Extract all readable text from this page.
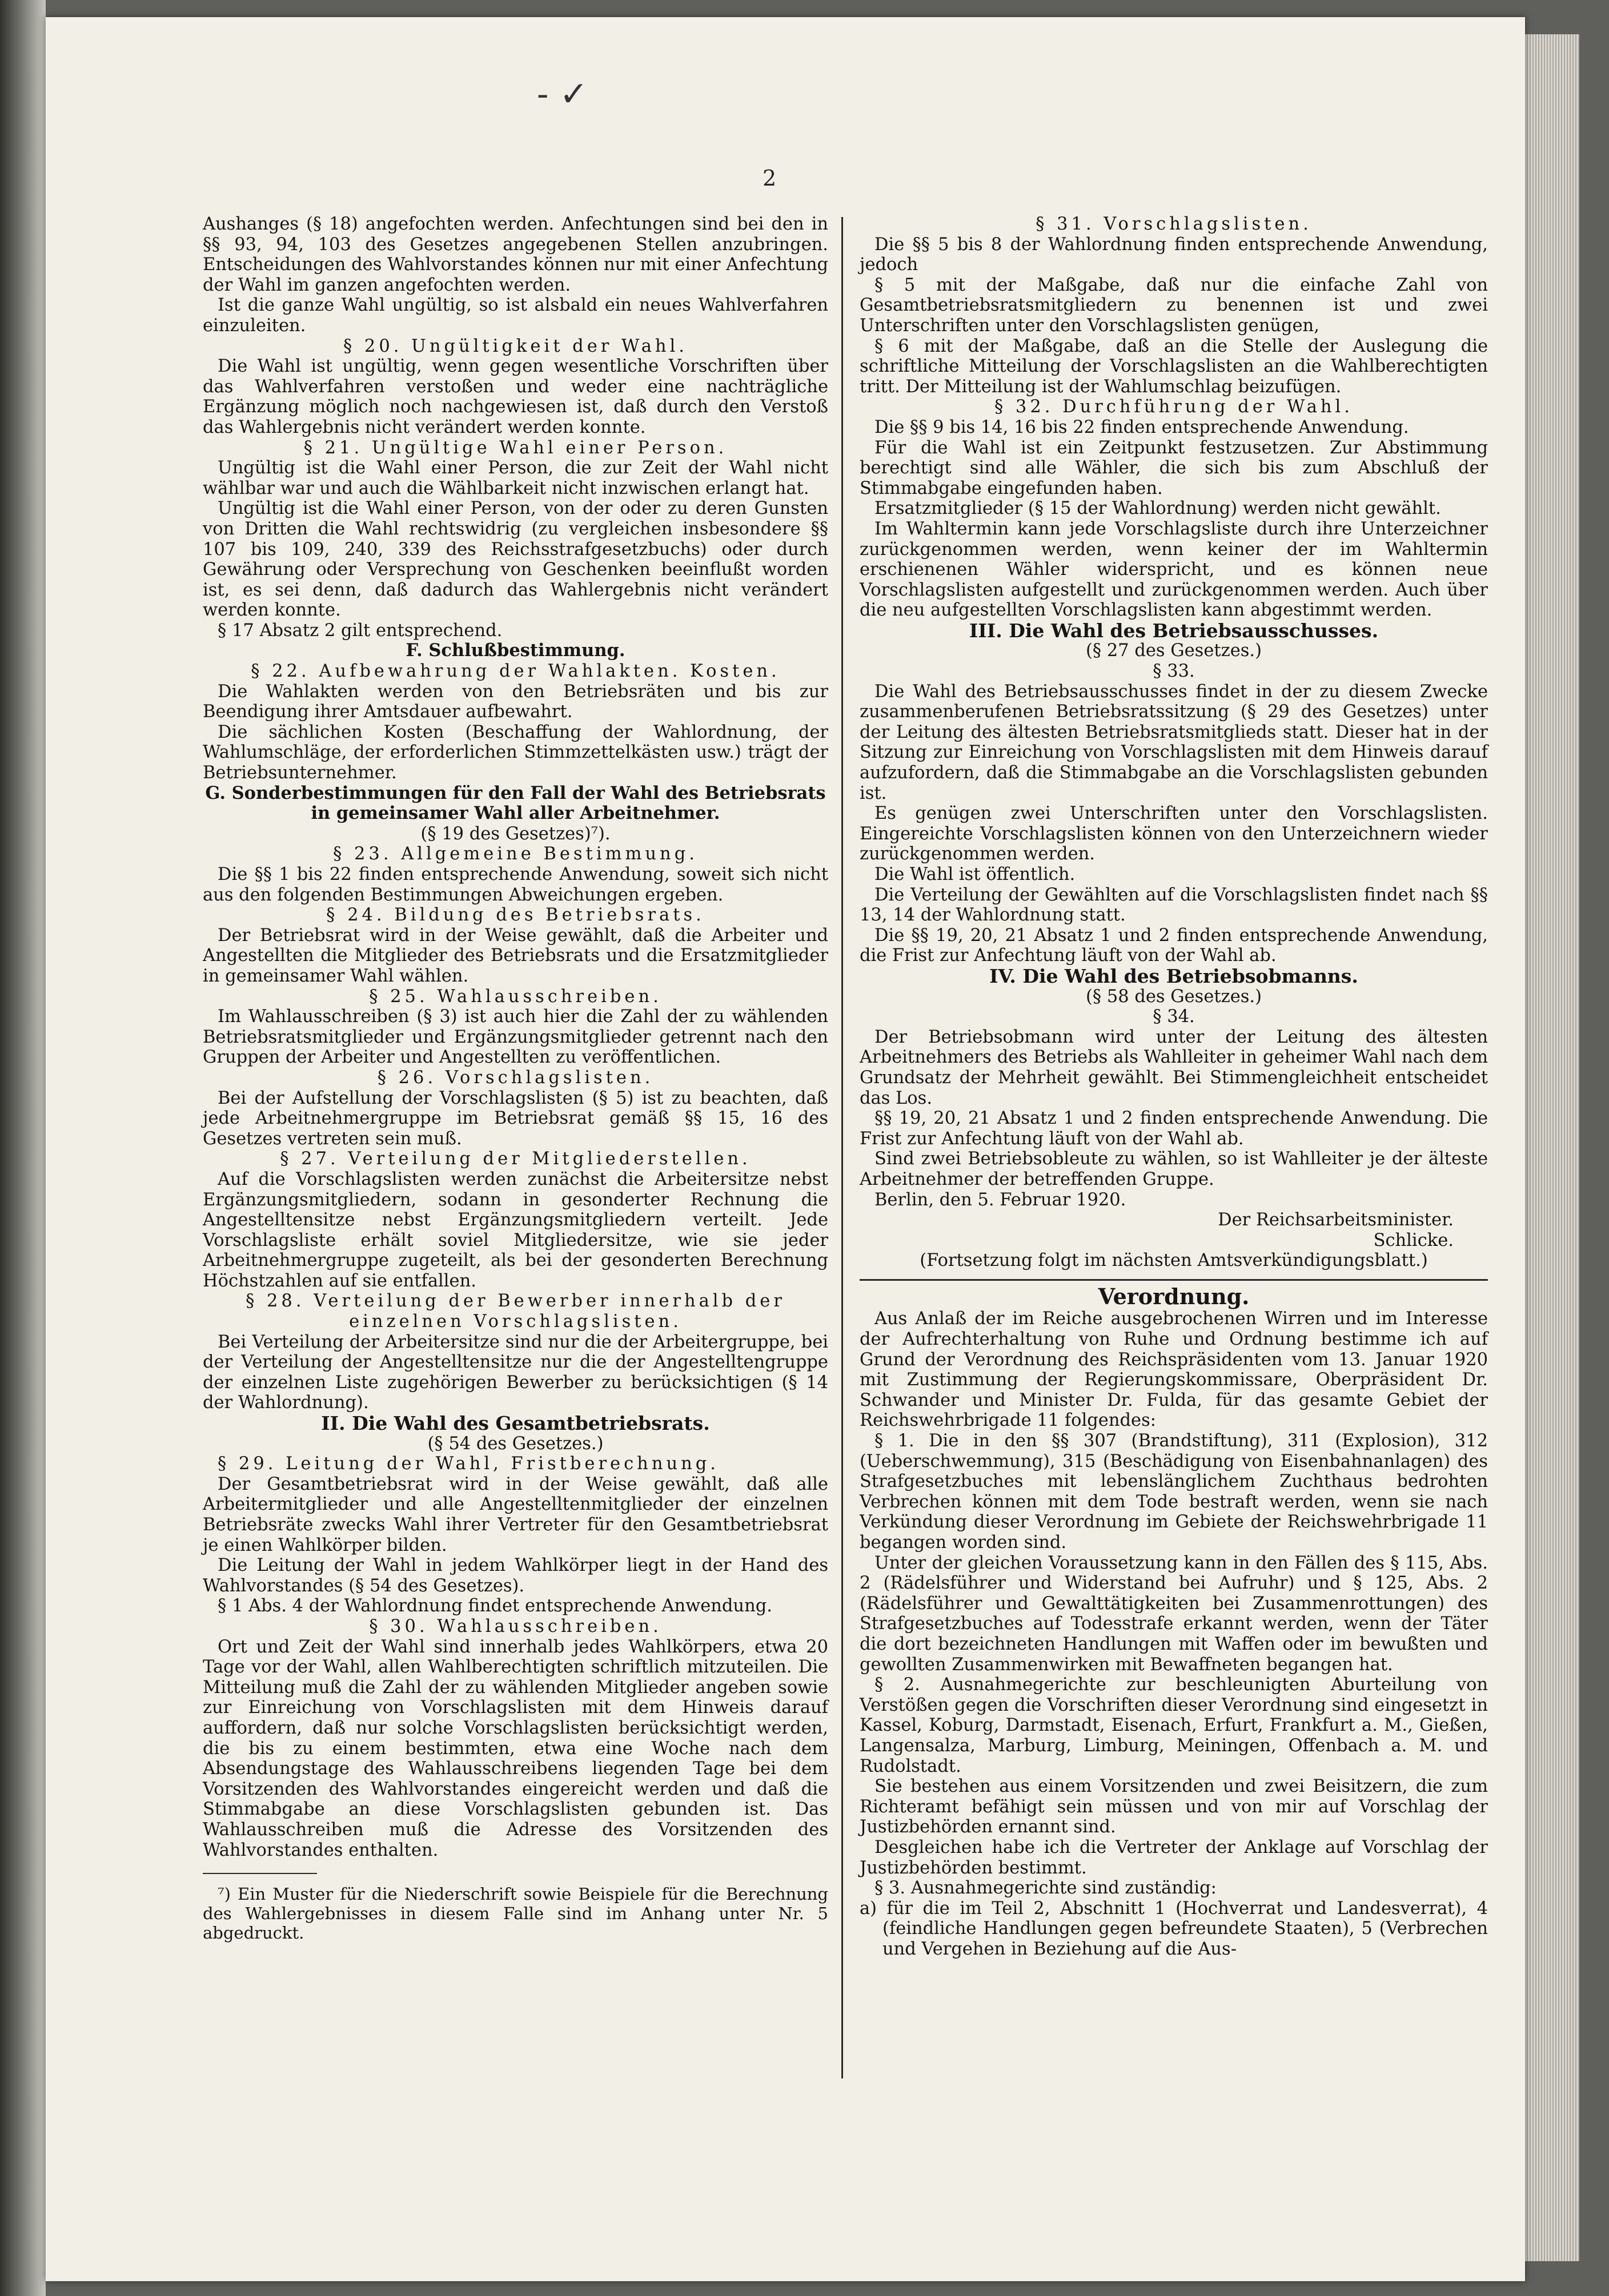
‑ ✓
2

Aushanges (§ 18) angefochten werden. Anfechtungen sind bei den in §§ 93, 94, 103 des Gesetzes angegebenen Stellen anzubringen. Entscheidungen des Wahlvorstandes können nur mit einer Anfechtung der Wahl im ganzen angefochten werden.

Ist die ganze Wahl ungültig, so ist alsbald ein neues Wahlverfahren einzuleiten.

§ 20. Ungültigkeit der Wahl.

Die Wahl ist ungültig, wenn gegen wesentliche Vorschriften über das Wahlverfahren verstoßen und weder eine nachträgliche Ergänzung möglich noch nachgewiesen ist, daß durch den Verstoß das Wahlergebnis nicht verändert werden konnte.

§ 21. Ungültige Wahl einer Person.

Ungültig ist die Wahl einer Person, die zur Zeit der Wahl nicht wählbar war und auch die Wählbarkeit nicht inzwischen erlangt hat.

Ungültig ist die Wahl einer Person, von der oder zu deren Gunsten von Dritten die Wahl rechtswidrig (zu vergleichen insbesondere §§ 107 bis 109, 240, 339 des Reichsstrafgesetzbuchs) oder durch Gewährung oder Versprechung von Geschenken beeinflußt worden ist, es sei denn, daß dadurch das Wahlergebnis nicht verändert werden konnte.

§ 17 Absatz 2 gilt entsprechend.

F. Schlußbestimmung.

§ 22. Aufbewahrung der Wahlakten. Kosten.

Die Wahlakten werden von den Betriebsräten und bis zur Beendigung ihrer Amtsdauer aufbewahrt.

Die sächlichen Kosten (Beschaffung der Wahlordnung, der Wahlumschläge, der erforderlichen Stimmzettelkästen usw.) trägt der Betriebsunternehmer.

G. Sonderbestimmungen für den Fall der Wahl des Betriebsrats in gemeinsamer Wahl aller Arbeitnehmer.

(§ 19 des Gesetzes)⁷).

§ 23. Allgemeine Bestimmung.

Die §§ 1 bis 22 finden entsprechende Anwendung, soweit sich nicht aus den folgenden Bestimmungen Abweichungen ergeben.

§ 24. Bildung des Betriebsrats.

Der Betriebsrat wird in der Weise gewählt, daß die Arbeiter und Angestellten die Mitglieder des Betriebsrats und die Ersatzmitglieder in gemeinsamer Wahl wählen.

§ 25. Wahlausschreiben.

Im Wahlausschreiben (§ 3) ist auch hier die Zahl der zu wählenden Betriebsratsmitglieder und Ergänzungsmitglieder getrennt nach den Gruppen der Arbeiter und Angestellten zu veröffentlichen.

§ 26. Vorschlagslisten.

Bei der Aufstellung der Vorschlagslisten (§ 5) ist zu beachten, daß jede Arbeitnehmergruppe im Betriebsrat gemäß §§ 15, 16 des Gesetzes vertreten sein muß.

§ 27. Verteilung der Mitgliederstellen.

Auf die Vorschlagslisten werden zunächst die Arbeitersitze nebst Ergänzungsmitgliedern, sodann in gesonderter Rechnung die Angestelltensitze nebst Ergänzungsmitgliedern verteilt. Jede Vorschlagsliste erhält soviel Mitgliedersitze, wie sie jeder Arbeitnehmergruppe zugeteilt, als bei der gesonderten Berechnung Höchstzahlen auf sie entfallen.

§ 28. Verteilung der Bewerber innerhalb der einzelnen Vorschlagslisten.

Bei Verteilung der Arbeitersitze sind nur die der Arbeitergruppe, bei der Verteilung der Angestelltensitze nur die der Angestelltengruppe der einzelnen Liste zugehörigen Bewerber zu berücksichtigen (§ 14 der Wahlordnung).

II. Die Wahl des Gesamtbetriebsrats.

(§ 54 des Gesetzes.)

§ 29. Leitung der Wahl, Fristberechnung.

Der Gesamtbetriebsrat wird in der Weise gewählt, daß alle Arbeitermitglieder und alle Angestelltenmitglieder der einzelnen Betriebsräte zwecks Wahl ihrer Vertreter für den Gesamtbetriebsrat je einen Wahlkörper bilden.

Die Leitung der Wahl in jedem Wahlkörper liegt in der Hand des Wahlvorstandes (§ 54 des Gesetzes).

§ 1 Abs. 4 der Wahlordnung findet entsprechende Anwendung.

§ 30. Wahlausschreiben.

Ort und Zeit der Wahl sind innerhalb jedes Wahlkörpers, etwa 20 Tage vor der Wahl, allen Wahlberechtigten schriftlich mitzuteilen. Die Mitteilung muß die Zahl der zu wählenden Mitglieder angeben sowie zur Einreichung von Vorschlagslisten mit dem Hinweis darauf auffordern, daß nur solche Vorschlagslisten berücksichtigt werden, die bis zu einem bestimmten, etwa eine Woche nach dem Absendungstage des Wahlausschreibens liegenden Tage bei dem Vorsitzenden des Wahlvorstandes eingereicht werden und daß die Stimmabgabe an diese Vorschlagslisten gebunden ist. Das Wahlausschreiben muß die Adresse des Vorsitzenden des Wahlvorstandes enthalten.

⁷) Ein Muster für die Niederschrift sowie Beispiele für die Berechnung des Wahlergebnisses in diesem Falle sind im Anhang unter Nr. 5 abgedruckt.

§ 31. Vorschlagslisten.

Die §§ 5 bis 8 der Wahlordnung finden entsprechende Anwendung, jedoch

§ 5 mit der Maßgabe, daß nur die einfache Zahl von Gesamtbetriebsratsmitgliedern zu benennen ist und zwei Unterschriften unter den Vorschlagslisten genügen,

§ 6 mit der Maßgabe, daß an die Stelle der Auslegung die schriftliche Mitteilung der Vorschlagslisten an die Wahlberechtigten tritt. Der Mitteilung ist der Wahlumschlag beizufügen.

§ 32. Durchführung der Wahl.

Die §§ 9 bis 14, 16 bis 22 finden entsprechende Anwendung.

Für die Wahl ist ein Zeitpunkt festzusetzen. Zur Abstimmung berechtigt sind alle Wähler, die sich bis zum Abschluß der Stimmabgabe eingefunden haben.

Ersatzmitglieder (§ 15 der Wahlordnung) werden nicht gewählt.

Im Wahltermin kann jede Vorschlagsliste durch ihre Unterzeichner zurückgenommen werden, wenn keiner der im Wahltermin erschienenen Wähler widerspricht, und es können neue Vorschlagslisten aufgestellt und zurückgenommen werden. Auch über die neu aufgestellten Vorschlagslisten kann abgestimmt werden.

III. Die Wahl des Betriebsausschusses.

(§ 27 des Gesetzes.)

§ 33.

Die Wahl des Betriebsausschusses findet in der zu diesem Zwecke zusammenberufenen Betriebsratssitzung (§ 29 des Gesetzes) unter der Leitung des ältesten Betriebsratsmitglieds statt. Dieser hat in der Sitzung zur Einreichung von Vorschlagslisten mit dem Hinweis darauf aufzufordern, daß die Stimmabgabe an die Vorschlagslisten gebunden ist.

Es genügen zwei Unterschriften unter den Vorschlagslisten. Eingereichte Vorschlagslisten können von den Unterzeichnern wieder zurückgenommen werden.

Die Wahl ist öffentlich.

Die Verteilung der Gewählten auf die Vorschlagslisten findet nach §§ 13, 14 der Wahlordnung statt.

Die §§ 19, 20, 21 Absatz 1 und 2 finden entsprechende Anwendung, die Frist zur Anfechtung läuft von der Wahl ab.

IV. Die Wahl des Betriebsobmanns.

(§ 58 des Gesetzes.)

§ 34.

Der Betriebsobmann wird unter der Leitung des ältesten Arbeitnehmers des Betriebs als Wahlleiter in geheimer Wahl nach dem Grundsatz der Mehrheit gewählt. Bei Stimmengleichheit entscheidet das Los.

§§ 19, 20, 21 Absatz 1 und 2 finden entsprechende Anwendung. Die Frist zur Anfechtung läuft von der Wahl ab.

Sind zwei Betriebsobleute zu wählen, so ist Wahlleiter je der älteste Arbeitnehmer der betreffenden Gruppe.

Berlin, den 5. Februar 1920.

Der Reichsarbeitsminister.

Schlicke.

(Fortsetzung folgt im nächsten Amtsverkündigungsblatt.)

Verordnung.

Aus Anlaß der im Reiche ausgebrochenen Wirren und im Interesse der Aufrechterhaltung von Ruhe und Ordnung bestimme ich auf Grund der Verordnung des Reichspräsidenten vom 13. Januar 1920 mit Zustimmung der Regierungskommissare, Oberpräsident Dr. Schwander und Minister Dr. Fulda, für das gesamte Gebiet der Reichswehrbrigade 11 folgendes:

§ 1. Die in den §§ 307 (Brandstiftung), 311 (Explosion), 312 (Ueberschwemmung), 315 (Beschädigung von Eisenbahnanlagen) des Strafgesetzbuches mit lebenslänglichem Zuchthaus bedrohten Verbrechen können mit dem Tode bestraft werden, wenn sie nach Verkündung dieser Verordnung im Gebiete der Reichswehrbrigade 11 begangen worden sind.

Unter der gleichen Voraussetzung kann in den Fällen des § 115, Abs. 2 (Rädelsführer und Widerstand bei Aufruhr) und § 125, Abs. 2 (Rädelsführer und Gewalttätigkeiten bei Zusammenrottungen) des Strafgesetzbuches auf Todesstrafe erkannt werden, wenn der Täter die dort bezeichneten Handlungen mit Waffen oder im bewußten und gewollten Zusammenwirken mit Bewaffneten begangen hat.

§ 2. Ausnahmegerichte zur beschleunigten Aburteilung von Verstößen gegen die Vorschriften dieser Verordnung sind eingesetzt in Kassel, Koburg, Darmstadt, Eisenach, Erfurt, Frankfurt a. M., Gießen, Langensalza, Marburg, Limburg, Meiningen, Offenbach a. M. und Rudolstadt.

Sie bestehen aus einem Vorsitzenden und zwei Beisitzern, die zum Richteramt befähigt sein müssen und von mir auf Vorschlag der Justizbehörden ernannt sind.

Desgleichen habe ich die Vertreter der Anklage auf Vorschlag der Justizbehörden bestimmt.

§ 3. Ausnahmegerichte sind zuständig:

a) für die im Teil 2, Abschnitt 1 (Hochverrat und Landesverrat), 4 (feindliche Handlungen gegen befreundete Staaten), 5 (Verbrechen und Vergehen in Beziehung auf die Aus-
